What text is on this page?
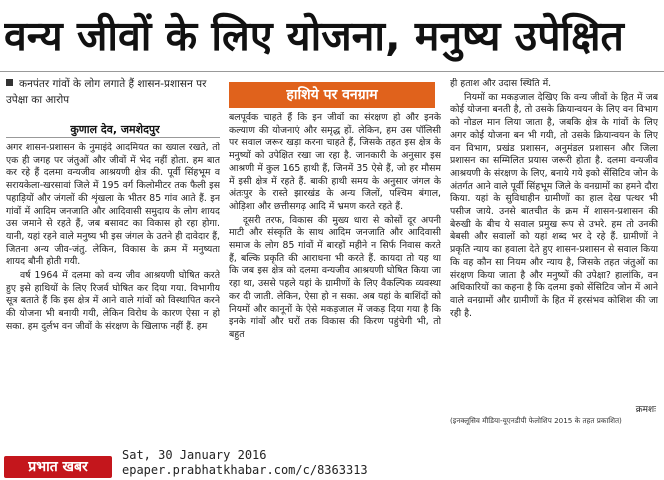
वन्य जीवों के लिए योजना, मनुष्य उपेक्षित
कनपंतर गांवों के लोग लगाते हैं शासन-प्रशासन पर उपेक्षा का आरोप
कुणाल देव, जमशेदपुर
हाशिये पर वनग्राम

अगर शासन-प्रशासन के नुमाइंदे आदमियत का ख्याल रखते, तो एक ही जगह पर जंतुओं और जीवों में भेद नहीं होता. हम बात कर रहे हैं दलमा वन्यजीव आश्रयणी क्षेत्र की. पूर्वी सिंहभूम व सरायकेला-खरसावां जिले में 195 वर्ग किलोमीटर तक फैली इस पहाड़ियों और जंगलों की शृंखला के भीतर 85 गांव आते हैं. इन गांवों में आदिम जनजाति और आदिवासी समुदाय के लोग शायद उस जमाने से रहते हैं, जब बसावट का विकास हो रहा होगा. यानी, यहां रहने वाले मनुष्य भी इस जंगल के उतने ही दावेदार हैं, जितना अन्य जीव-जंतु. लेकिन, विकास के क्रम में मनुष्यता शायद बौनी होती गयी.

वर्ष 1964 में दलमा को वन्य जीव आश्रयणी घोषित करते हुए इसे हाथियों के लिए रिजर्व घोषित कर दिया गया. विभागीय सूत्र बताते हैं कि इस क्षेत्र में आने वाले गांवों को विस्थापित करने की योजना भी बनायी गयी, लेकिन विरोध के कारण ऐसा न हो सका. हम दुर्लभ वन जीवों के संरक्षण के खिलाफ नहीं हैं. हम

बलपूर्वक चाहते हैं कि इन जीवों का संरक्षण हो और इनके कल्याण की योजनाएं और समृद्ध हों. लेकिन, हम उस पॉलिसी पर सवाल जरूर खड़ा करना चाहते हैं, जिसके तहत इस क्षेत्र के मनुष्यों को उपेक्षित रखा जा रहा है. जानकारी के अनुसार इस आश्रणी में कुल 165 हाथी हैं, जिनमें 35 ऐसे हैं, जो हर मौसम में इसी क्षेत्र में रहते हैं. बाकी हाथी समय के अनुसार जंगल के अंतःपुर के रास्ते झारखंड के अन्य जिलों, पश्चिम बंगाल, ओड़िशा और छत्तीसगढ़ आदि में भ्रमण करते रहते हैं.

दूसरी तरफ, विकास की मुख्य धारा से कोसों दूर अपनी माटी और संस्कृति के साथ आदिम जनजाति और आदिवासी समाज के लोग 85 गांवों में बारहों महीने न सिर्फ निवास करते हैं, बल्कि प्रकृति की आराधना भी करते हैं. कायदा तो यह था कि जब इस क्षेत्र को दलमा वन्यजीव आश्रयणी घोषित किया जा रहा था, उससे पहले यहां के ग्रामीणों के लिए वैकल्पिक व्यवस्था कर दी जाती. लेकिन, ऐसा हो न सका. अब यहां के बाशिंदों को नियमों और कानूनों के ऐसे मकड़जाल में जकड़ दिया गया है कि इनके गांवों और घरों तक विकास की किरण पहुंचेगी भी, तो बहुत

ही हताश और उदास स्थिति में.

नियमों का मकड़जाल देखिए कि वन्य जीवों के हित में जब कोई योजना बनती है, तो उसके क्रियान्वयन के लिए वन विभाग को नोडल मान लिया जाता है, जबकि क्षेत्र के गांवों के लिए अगर कोई योजना बन भी गयी, तो उसके क्रियान्वयन के लिए वन विभाग, प्रखंड प्रशासन, अनुमंडल प्रशासन और जिला प्रशासन का सम्मिलित प्रयास जरूरी होता है. दलमा वन्यजीव आश्रयणी के संरक्षण के लिए, बनाये गये इको सेंसिटिव जोन के अंतर्गत आने वाले पूर्वी सिंहभूम जिले के वनग्रामों का हमने दौरा किया. यहां के सुविधाहीन ग्रामीणों का हाल देख पत्थर भी पसीज जाये. उनसे बातचीत के क्रम में शासन-प्रशासन की बेरुखी के बीच ये सवाल प्रमुख रूप से उभरे. हम तो उनकी बेबसी और सवालों को यहां शब्द भर दे रहे हैं. ग्रामीणों ने प्रकृति न्याय का हवाला देते हुए शासन-प्रशासन से सवाल किया कि वह कौन सा नियम और न्याय है, जिसके तहत जंतुओं का संरक्षण किया जाता है और मनुष्यों की उपेक्षा? हालांकि, वन अधिकारियों का कहना है कि दलमा इको सेंसिटिव जोन में आने वाले वनग्रामों और ग्रामीणों के हित में हरसंभव कोशिश की जा रही है.

क्रमशः
(इनक्लूसिव मीडिया-यूएनडीपी फेलोशिप 2015 के तहत प्रकाशित)
प्रभात खबर
Sat, 30 January 2016
epaper.prabhatkhabar.com/c/8363313
